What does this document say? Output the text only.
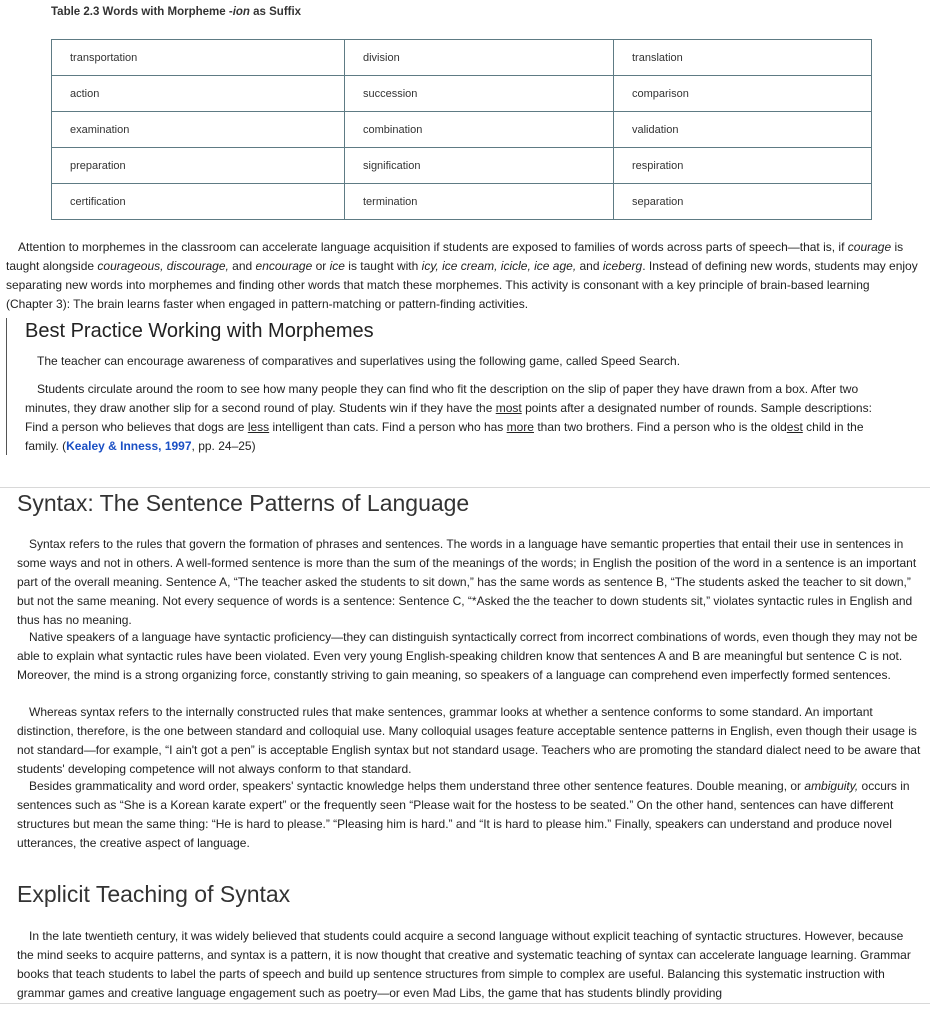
Table 2.3 Words with Morpheme -ion as Suffix
transportation	division	translation
action	succession	comparison
examination	combination	validation
preparation	signification	respiration
certification	termination	separation

Attention to morphemes in the classroom can accelerate language acquisition if students are exposed to families of words across parts of speech—that is, if courage is taught alongside courageous, discourage, and encourage or ice is taught with icy, ice cream, icicle, ice age, and iceberg. Instead of defining new words, students may enjoy separating new words into morphemes and finding other words that match these morphemes. This activity is consonant with a key principle of brain-based learning (Chapter 3): The brain learns faster when engaged in pattern-matching or pattern-finding activities.

Best Practice Working with Morphemes

The teacher can encourage awareness of comparatives and superlatives using the following game, called Speed Search.

Students circulate around the room to see how many people they can find who fit the description on the slip of paper they have drawn from a box. After two minutes, they draw another slip for a second round of play. Students win if they have the most points after a designated number of rounds. Sample descriptions: Find a person who believes that dogs are less intelligent than cats. Find a person who has more than two brothers. Find a person who is the oldest child in the family. (Kealey & Inness, 1997, pp. 24–25)

Syntax: The Sentence Patterns of Language

Syntax refers to the rules that govern the formation of phrases and sentences. The words in a language have semantic properties that entail their use in sentences in some ways and not in others. A well-formed sentence is more than the sum of the meanings of the words; in English the position of the word in a sentence is an important part of the overall meaning. Sentence A, “The teacher asked the students to sit down,” has the same words as sentence B, “The students asked the teacher to sit down,” but not the same meaning. Not every sequence of words is a sentence: Sentence C, “*Asked the the teacher to down students sit,” violates syntactic rules in English and thus has no meaning.

Native speakers of a language have syntactic proficiency—they can distinguish syntactically correct from incorrect combinations of words, even though they may not be able to explain what syntactic rules have been violated. Even very young English-speaking children know that sentences A and B are meaningful but sentence C is not. Moreover, the mind is a strong organizing force, constantly striving to gain meaning, so speakers of a language can comprehend even imperfectly formed sentences.

Whereas syntax refers to the internally constructed rules that make sentences, grammar looks at whether a sentence conforms to some standard. An important distinction, therefore, is the one between standard and colloquial use. Many colloquial usages feature acceptable sentence patterns in English, even though their usage is not standard—for example, “I ain't got a pen” is acceptable English syntax but not standard usage. Teachers who are promoting the standard dialect need to be aware that students' developing competence will not always conform to that standard.

Besides grammaticality and word order, speakers' syntactic knowledge helps them understand three other sentence features. Double meaning, or ambiguity, occurs in sentences such as “She is a Korean karate expert” or the frequently seen “Please wait for the hostess to be seated.” On the other hand, sentences can have different structures but mean the same thing: “He is hard to please.” “Pleasing him is hard.” and “It is hard to please him.” Finally, speakers can understand and produce novel utterances, the creative aspect of language.

Explicit Teaching of Syntax

In the late twentieth century, it was widely believed that students could acquire a second language without explicit teaching of syntactic structures. However, because the mind seeks to acquire patterns, and syntax is a pattern, it is now thought that creative and systematic teaching of syntax can accelerate language learning. Grammar books that teach students to label the parts of speech and build up sentence structures from simple to complex are useful. Balancing this systematic instruction with grammar games and creative language engagement such as poetry—or even Mad Libs, the game that has students blindly providing
